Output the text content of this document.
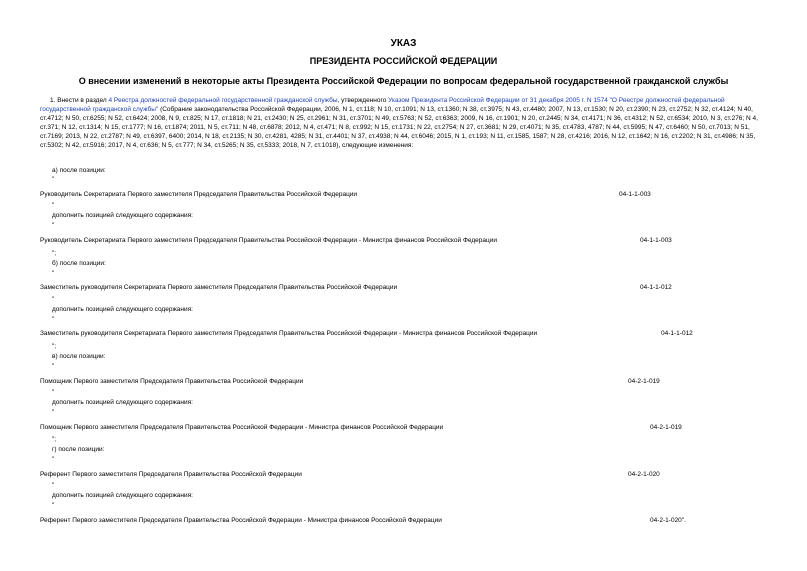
УКАЗ
ПРЕЗИДЕНТА РОССИЙСКОЙ ФЕДЕРАЦИИ
О внесении изменений в некоторые акты Президента Российской Федерации по вопросам федеральной государственной гражданской службы
1. Внести в раздел 4 Реестра должностей федеральной государственной гражданской службы, утвержденного Указом Президента Российской Федерации от 31 декабря 2005 г. N 1574 "О Реестре должностей федеральной государственной гражданской службы" (Собрание законодательства Российской Федерации, 2006, N 1, ст.118; N 10, ст.1091; N 13, ст.1360; N 38, ст.3975; N 43, ст.4480; 2007, N 13, ст.1530; N 20, ст.2390; N 23, ст.2752; N 32, ст.4124; N 40, ст.4712; N 50, ст.6255; N 52, ст.6424; 2008, N 9, ст.825; N 17, ст.1818; N 21, ст.2430; N 25, ст.2961; N 31, ст.3701; N 49, ст.5763; N 52, ст.6363; 2009, N 16, ст.1901; N 20, ст.2445; N 34, ст.4171; N 36, ст.4312; N 52, ст.6534; 2010, N 3, ст.276; N 4, ст.371; N 12, ст.1314; N 15, ст.1777; N 16, ст.1874; 2011, N 5, ст.711; N 48, ст.6878; 2012, N 4, ст.471; N 8, ст.992; N 15, ст.1731; N 22, ст.2754; N 27, ст.3681; N 29, ст.4071; N 35, ст.4783, 4787; N 44, ст.5995; N 47, ст.6460; N 50, ст.7013; N 51, ст.7169; 2013, N 22, ст.2787; N 49, ст.6397, 6400; 2014, N 18, ст.2135; N 30, ст.4281, 4285; N 31, ст.4401; N 37, ст.4938; N 44, ст.6046; 2015, N 1, ст.193; N 11, ст.1585, 1587; N 28, ст.4216; 2016, N 12, ст.1642; N 16, ст.2202; N 31, ст.4986; N 35, ст.5302; N 42, ст.5916; 2017, N 4, ст.636; N 5, ст.777; N 34, ст.5265; N 35, ст.5333; 2018, N 7, ст.1018), следующие изменения:
а) после позиции:
"
Руководитель Секретариата Первого заместителя Председателя Правительства Российской Федерации	04-1-1-003
"
дополнить позицией следующего содержания:
"
Руководитель Секретариата Первого заместителя Председателя Правительства Российской Федерации - Министра финансов Российской Федерации	04-1-1-003
";
б) после позиции:
"
Заместитель руководителя Секретариата Первого заместителя Председателя Правительства Российской Федерации	04-1-1-012
"
дополнить позицией следующего содержания:
"
Заместитель руководителя Секретариата Первого заместителя Председателя Правительства Российской Федерации - Министра финансов Российской Федерации	04-1-1-012
";
в) после позиции:
"
Помощник Первого заместителя Председателя Правительства Российской Федерации	04-2-1-019
"
дополнить позицией следующего содержания:
"
Помощник Первого заместителя Председателя Правительства Российской Федерации - Министра финансов Российской Федерации	04-2-1-019
";
г) после позиции:
"
Референт Первого заместителя Председателя Правительства Российской Федерации	04-2-1-020
"
дополнить позицией следующего содержания:
"
Референт Первого заместителя Председателя Правительства Российской Федерации - Министра финансов Российской Федерации	04-2-1-020".
